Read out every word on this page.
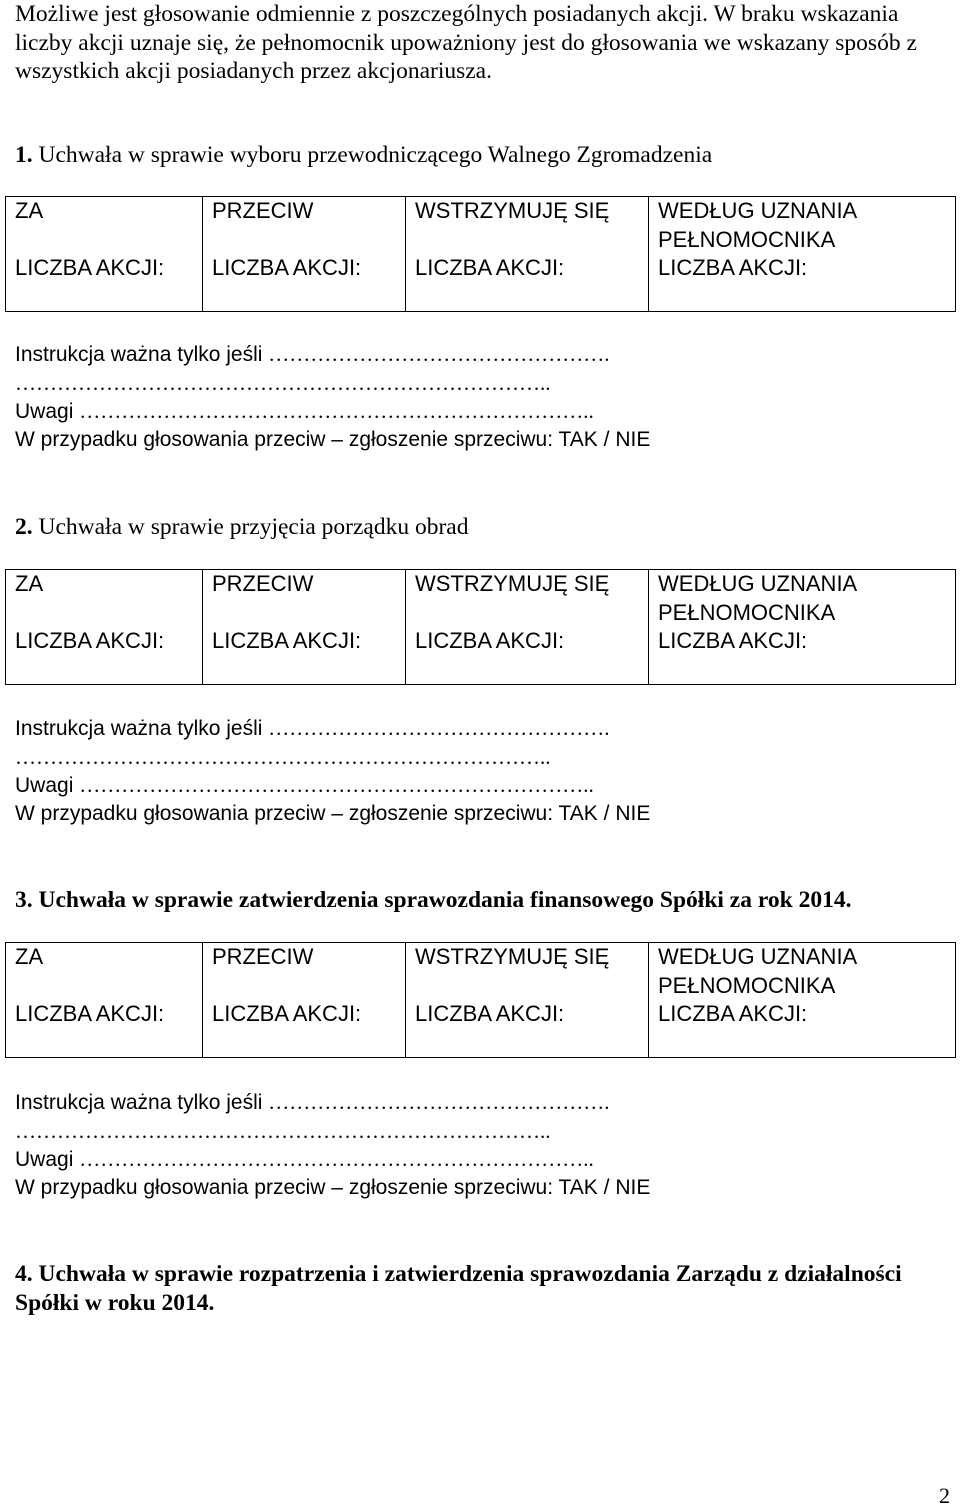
Możliwe jest głosowanie odmiennie z poszczególnych posiadanych akcji. W braku wskazania liczby akcji uznaje się, że pełnomocnik upoważniony jest do głosowania we wskazany sposób z wszystkich akcji posiadanych przez akcjonariusza.

1. Uchwała w sprawie wyboru przewodniczącego Walnego Zgromadzenia
ZA
LICZBA AKCJI:
PRZECIW
LICZBA AKCJI:
WSTRZYMUJĘ SIĘ
LICZBA AKCJI:
WEDŁUG UZNANIA
PEŁNOMOCNIKA
LICZBA AKCJI:
Instrukcja ważna tylko jeśli ………………………………………….
…………………………………………………………………..
Uwagi ………………………………………………………………..
W przypadku głosowania przeciw – zgłoszenie sprzeciwu: TAK / NIE
2. Uchwała w sprawie przyjęcia porządku obrad
ZA
LICZBA AKCJI:
PRZECIW
LICZBA AKCJI:
WSTRZYMUJĘ SIĘ
LICZBA AKCJI:
WEDŁUG UZNANIA
PEŁNOMOCNIKA
LICZBA AKCJI:
Instrukcja ważna tylko jeśli ………………………………………….
…………………………………………………………………..
Uwagi ………………………………………………………………..
W przypadku głosowania przeciw – zgłoszenie sprzeciwu: TAK / NIE
3. Uchwała w sprawie zatwierdzenia sprawozdania finansowego Spółki za rok 2014.
ZA
LICZBA AKCJI:
PRZECIW
LICZBA AKCJI:
WSTRZYMUJĘ SIĘ
LICZBA AKCJI:
WEDŁUG UZNANIA
PEŁNOMOCNIKA
LICZBA AKCJI:
Instrukcja ważna tylko jeśli ………………………………………….
…………………………………………………………………..
Uwagi ………………………………………………………………..
W przypadku głosowania przeciw – zgłoszenie sprzeciwu: TAK / NIE
4. Uchwała w sprawie rozpatrzenia i zatwierdzenia sprawozdania Zarządu z działalności Spółki w roku 2014.
2
